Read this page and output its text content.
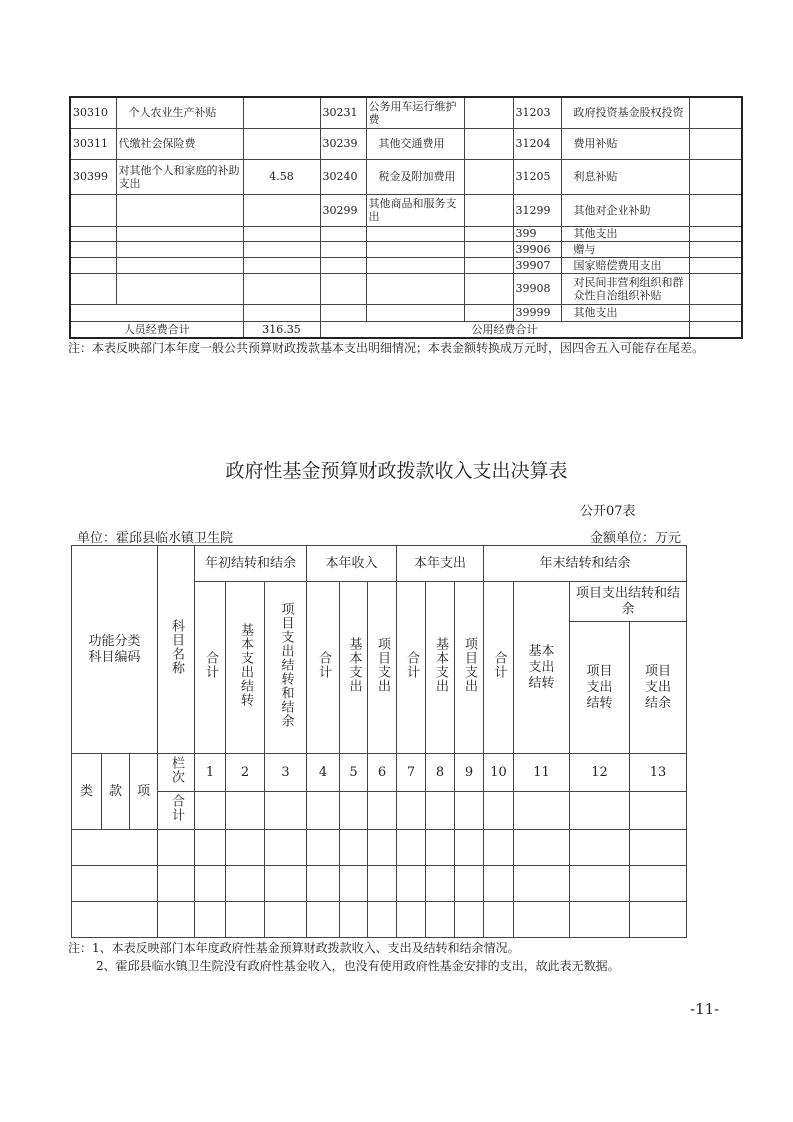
30310	个人农业生产补贴		30231	公务用车运行维护费		31203	政府投资基金股权投资	
30311	代缴社会保险费		30239	其他交通费用		31204	费用补贴	
30399	对其他个人和家庭的补助支出	4.58	30240	税金及附加费用		31205	利息补贴	
			30299	其他商品和服务支出		31299	其他对企业补助	
						399	其他支出	
						39906	赠与	
						39907	国家赔偿费用支出	
						39908	对民间非营利组织和群众性自治组织补贴	
						39999	其他支出	
人员经费合计		316.35	公用经费合计					
注：本表反映部门本年度一般公共预算财政拨款基本支出明细情况；本表金额转换成万元时，因四舍五入可能存在尾差。
政府性基金预算财政拨款收入支出决算表
公开07表
单位：霍邱县临水镇卫生院	金额单位：万元
功能分类科目编码			科目名称	年初结转和结余			本年收入			本年支出			年末结转和结余			
				合计	基本支出结转	项目支出结转和结余	合计	基本支出	项目支出	合计	基本支出	项目支出	合计	基本支出结转	项目支出结转和结余	
															项目支出结转	项目支出结余
类	款	项	栏次	1	2	3	4	5	6	7	8	9	10	11	12	13
			合计													

注：1、本表反映部门本年度政府性基金预算财政拨款收入、支出及结转和结余情况。
2、霍邱县临水镇卫生院没有政府性基金收入，也没有使用政府性基金安排的支出，故此表无数据。
-11-
